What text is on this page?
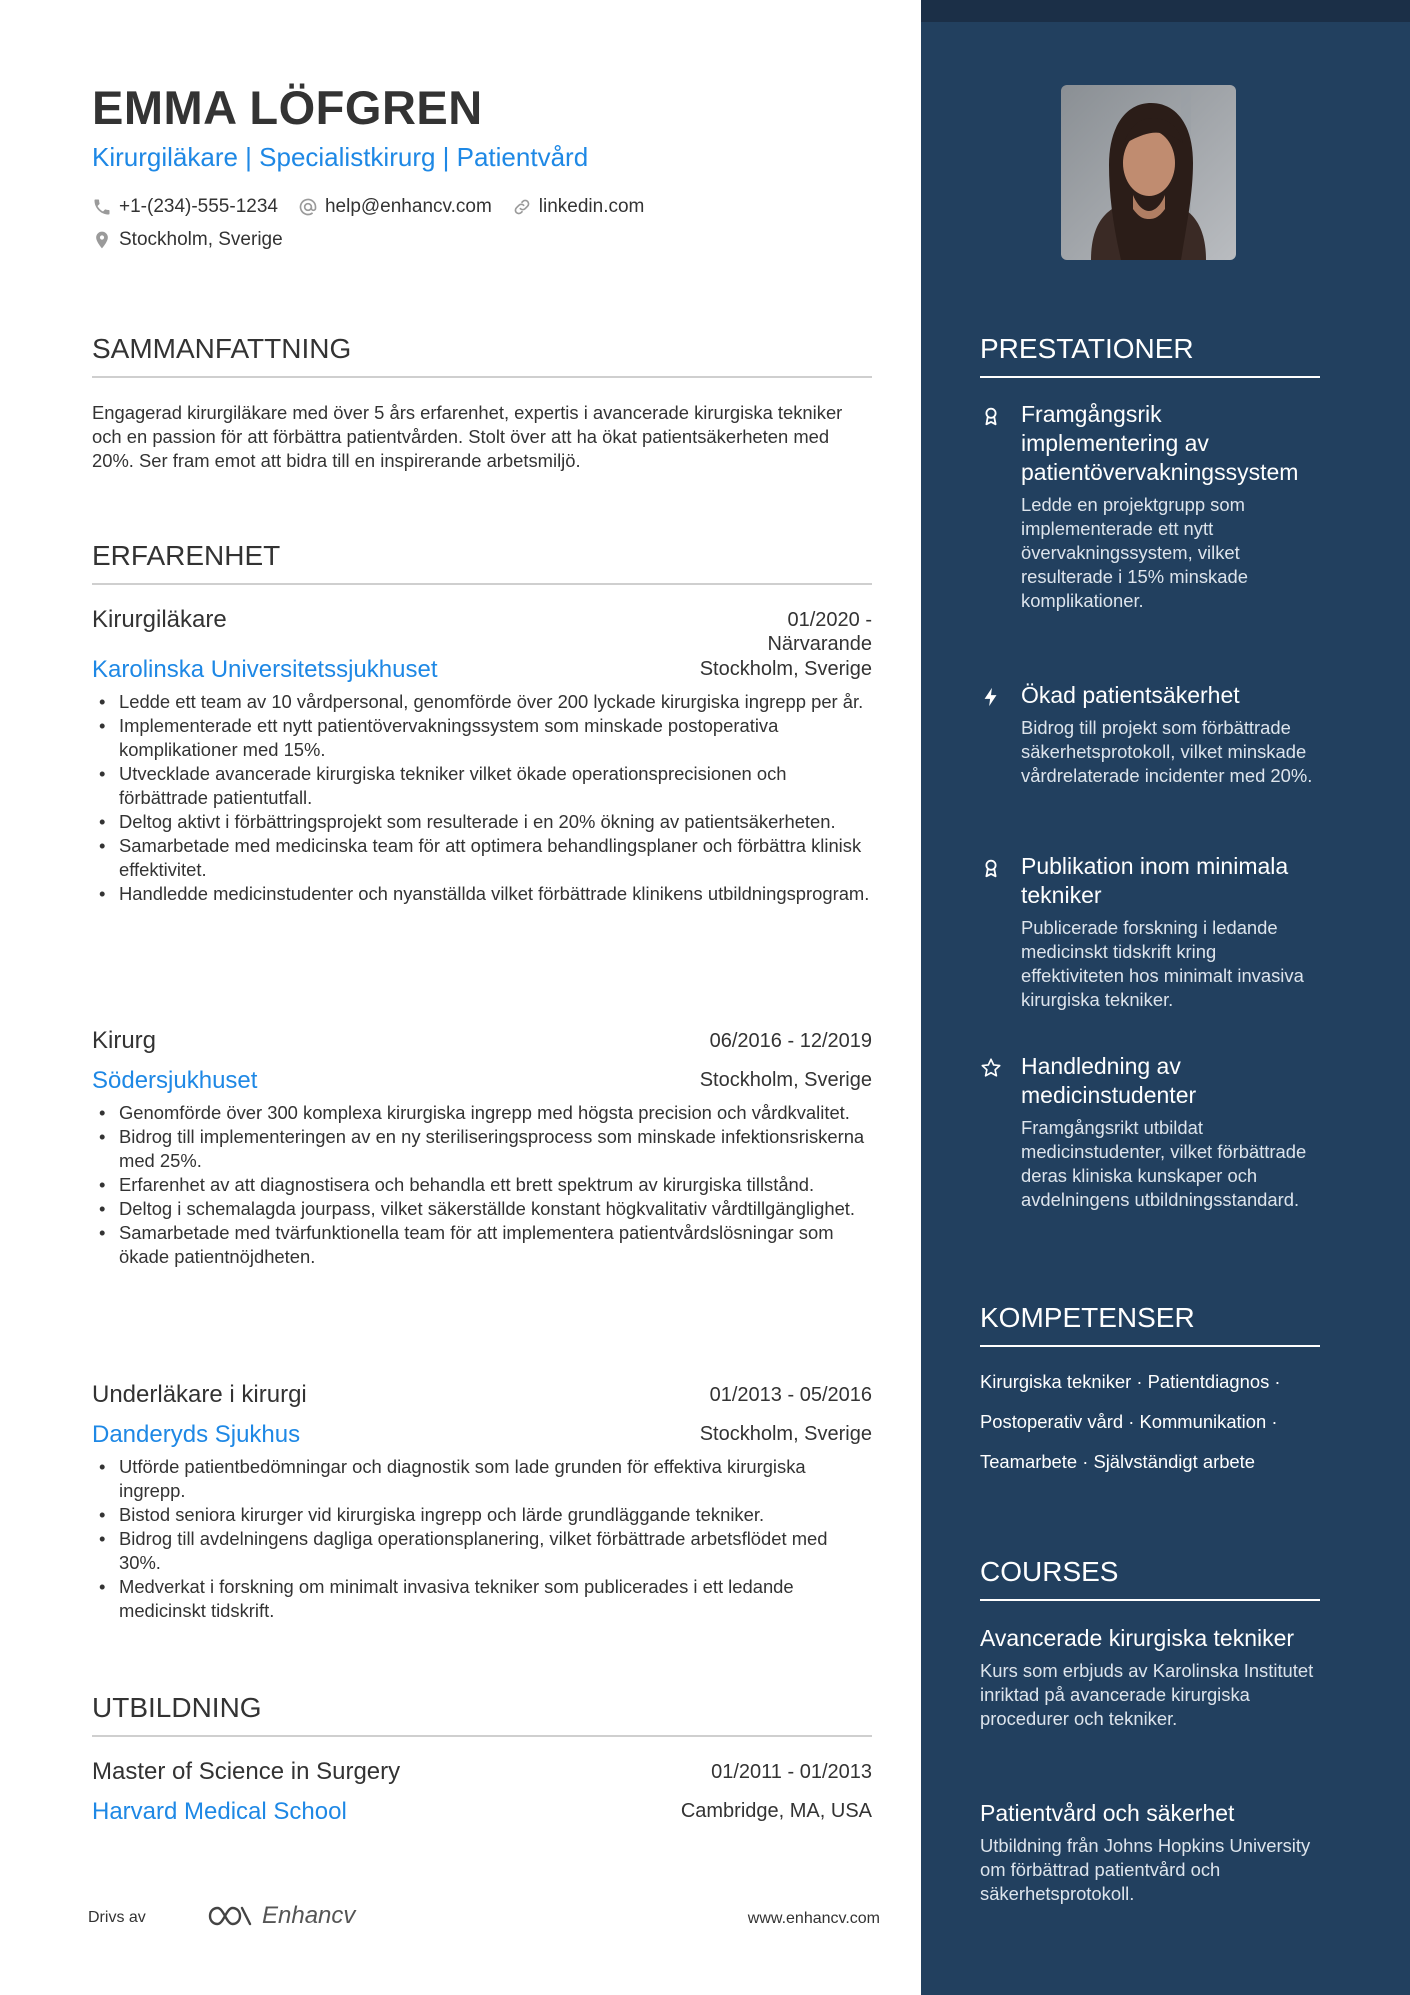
EMMA LÖFGREN
Kirurgiläkare | Specialistkirurg | Patientvård
+1-(234)-555-1234 help@enhancv.com linkedin.com
Stockholm, Sverige
SAMMANFATTNING
Engagerad kirurgiläkare med över 5 års erfarenhet, expertis i avancerade kirurgiska tekniker och en passion för att förbättra patientvården. Stolt över att ha ökat patientsäkerheten med 20%. Ser fram emot att bidra till en inspirerande arbetsmiljö.
ERFARENHET
Kirurgiläkare	01/2020 -
Närvarande
Karolinska Universitetssjukhuset	Stockholm, Sverige
• Ledde ett team av 10 vårdpersonal, genomförde över 200 lyckade kirurgiska ingrepp per år.
• Implementerade ett nytt patientövervakningssystem som minskade postoperativa komplikationer med 15%.
• Utvecklade avancerade kirurgiska tekniker vilket ökade operationsprecisionen och förbättrade patientutfall.
• Deltog aktivt i förbättringsprojekt som resulterade i en 20% ökning av patientsäkerheten.
• Samarbetade med medicinska team för att optimera behandlingsplaner och förbättra klinisk effektivitet.
• Handledde medicinstudenter och nyanställda vilket förbättrade klinikens utbildningsprogram.
Kirurg	06/2016 - 12/2019
Södersjukhuset	Stockholm, Sverige
• Genomförde över 300 komplexa kirurgiska ingrepp med högsta precision och vårdkvalitet.
• Bidrog till implementeringen av en ny steriliseringsprocess som minskade infektionsriskerna med 25%.
• Erfarenhet av att diagnostisera och behandla ett brett spektrum av kirurgiska tillstånd.
• Deltog i schemalagda jourpass, vilket säkerställde konstant högkvalitativ vårdtillgänglighet.
• Samarbetade med tvärfunktionella team för att implementera patientvårdslösningar som ökade patientnöjdheten.
Underläkare i kirurgi	01/2013 - 05/2016
Danderyds Sjukhus	Stockholm, Sverige
• Utförde patientbedömningar och diagnostik som lade grunden för effektiva kirurgiska ingrepp.
• Bistod seniora kirurger vid kirurgiska ingrepp och lärde grundläggande tekniker.
• Bidrog till avdelningens dagliga operationsplanering, vilket förbättrade arbetsflödet med 30%.
• Medverkat i forskning om minimalt invasiva tekniker som publicerades i ett ledande medicinskt tidskrift.
UTBILDNING
Master of Science in Surgery	01/2011 - 01/2013
Harvard Medical School	Cambridge, MA, USA
Drivs av	Enhancv	www.enhancv.com
PRESTATIONER
Framgångsrik implementering av patientövervakningssystem
Ledde en projektgrupp som implementerade ett nytt övervakningssystem, vilket resulterade i 15% minskade komplikationer.
Ökad patientsäkerhet
Bidrog till projekt som förbättrade säkerhetsprotokoll, vilket minskade vårdrelaterade incidenter med 20%.
Publikation inom minimala tekniker
Publicerade forskning i ledande medicinskt tidskrift kring effektiviteten hos minimalt invasiva kirurgiska tekniker.
Handledning av medicinstudenter
Framgångsrikt utbildat medicinstudenter, vilket förbättrade deras kliniska kunskaper och avdelningens utbildningsstandard.
KOMPETENSER
Kirurgiska tekniker · Patientdiagnos ·
Postoperativ vård · Kommunikation ·
Teamarbete · Självständigt arbete
COURSES
Avancerade kirurgiska tekniker
Kurs som erbjuds av Karolinska Institutet inriktad på avancerade kirurgiska procedurer och tekniker.
Patientvård och säkerhet
Utbildning från Johns Hopkins University om förbättrad patientvård och säkerhetsprotokoll.
